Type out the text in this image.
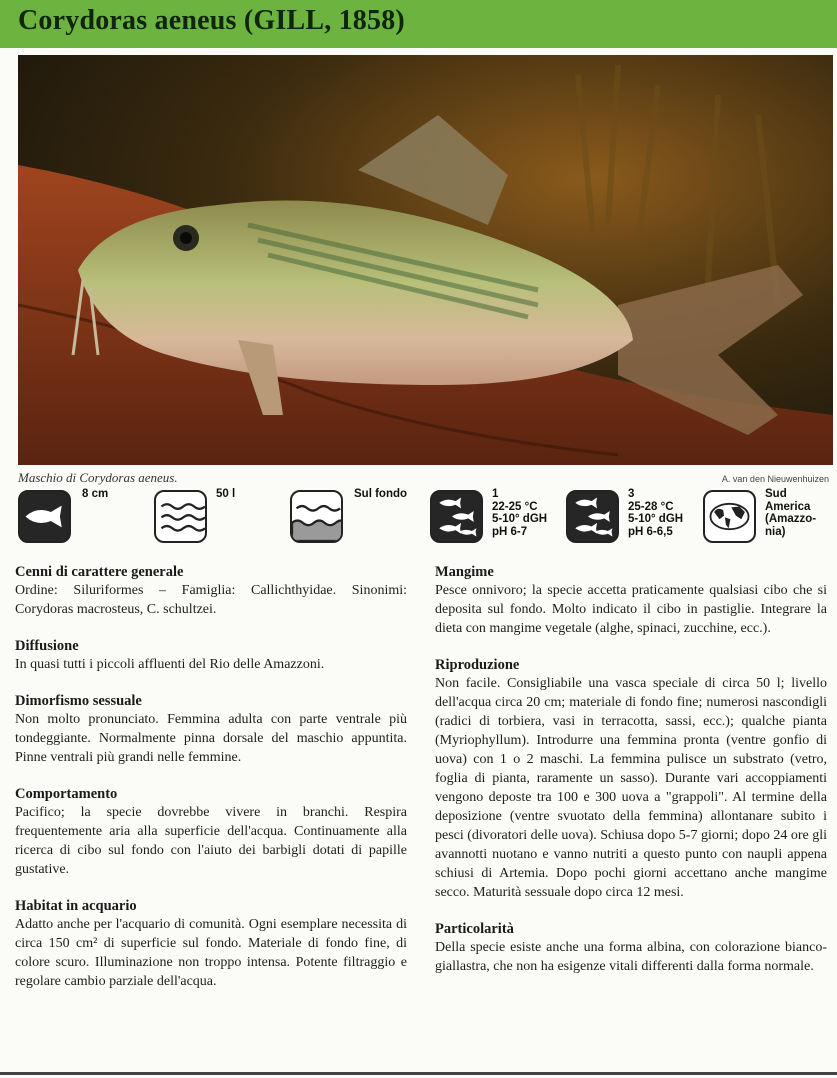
Corydoras aeneus (GILL, 1858)
Maschio di Corydoras aeneus.	A. van den Nieuwenhuizen
8 cm	50 l	Sul fondo	1
22-25 °C
5-10° dGH
pH 6-7
3
25-28 °C
5-10° dGH
pH 6-6,5
Sud
America
(Amazzo-
nia)
Cenni di carattere generale

Ordine: Siluriformes – Famiglia: Callichthyidae. Sinonimi: Corydoras macrosteus, C. schultzei.

Diffusione

In quasi tutti i piccoli affluenti del Rio delle Amazzoni.

Dimorfismo sessuale

Non molto pronunciato. Femmina adulta con parte ventrale più tondeggiante. Normalmente pinna dorsale del maschio appuntita. Pinne ventrali più grandi nelle femmine.

Comportamento

Pacifico; la specie dovrebbe vivere in branchi. Respira frequentemente aria alla superficie dell'acqua. Continuamente alla ricerca di cibo sul fondo con l'aiuto dei barbigli dotati di papille gustative.

Habitat in acquario

Adatto anche per l'acquario di comunità. Ogni esemplare necessita di circa 150 cm² di superficie sul fondo. Materiale di fondo fine, di colore scuro. Illuminazione non troppo intensa. Potente filtraggio e regolare cambio parziale dell'acqua.

Mangime

Pesce onnivoro; la specie accetta praticamente qualsiasi cibo che si deposita sul fondo. Molto indicato il cibo in pastiglie. Integrare la dieta con mangime vegetale (alghe, spinaci, zucchine, ecc.).

Riproduzione

Non facile. Consigliabile una vasca speciale di circa 50 l; livello dell'acqua circa 20 cm; materiale di fondo fine; numerosi nascondigli (radici di torbiera, vasi in terracotta, sassi, ecc.); qualche pianta (Myriophyllum). Introdurre una femmina pronta (ventre gonfio di uova) con 1 o 2 maschi. La femmina pulisce un substrato (vetro, foglia di pianta, raramente un sasso). Durante vari accoppiamenti vengono deposte tra 100 e 300 uova a "grappoli". Al termine della deposizione (ventre svuotato della femmina) allontanare subito i pesci (divoratori delle uova). Schiusa dopo 5-7 giorni; dopo 24 ore gli avannotti nuotano e vanno nutriti a questo punto con naupli appena schiusi di Artemia. Dopo pochi giorni accettano anche mangime secco. Maturità sessuale dopo circa 12 mesi.

Particolarità

Della specie esiste anche una forma albina, con colorazione bianco-giallastra, che non ha esigenze vitali differenti dalla forma normale.
